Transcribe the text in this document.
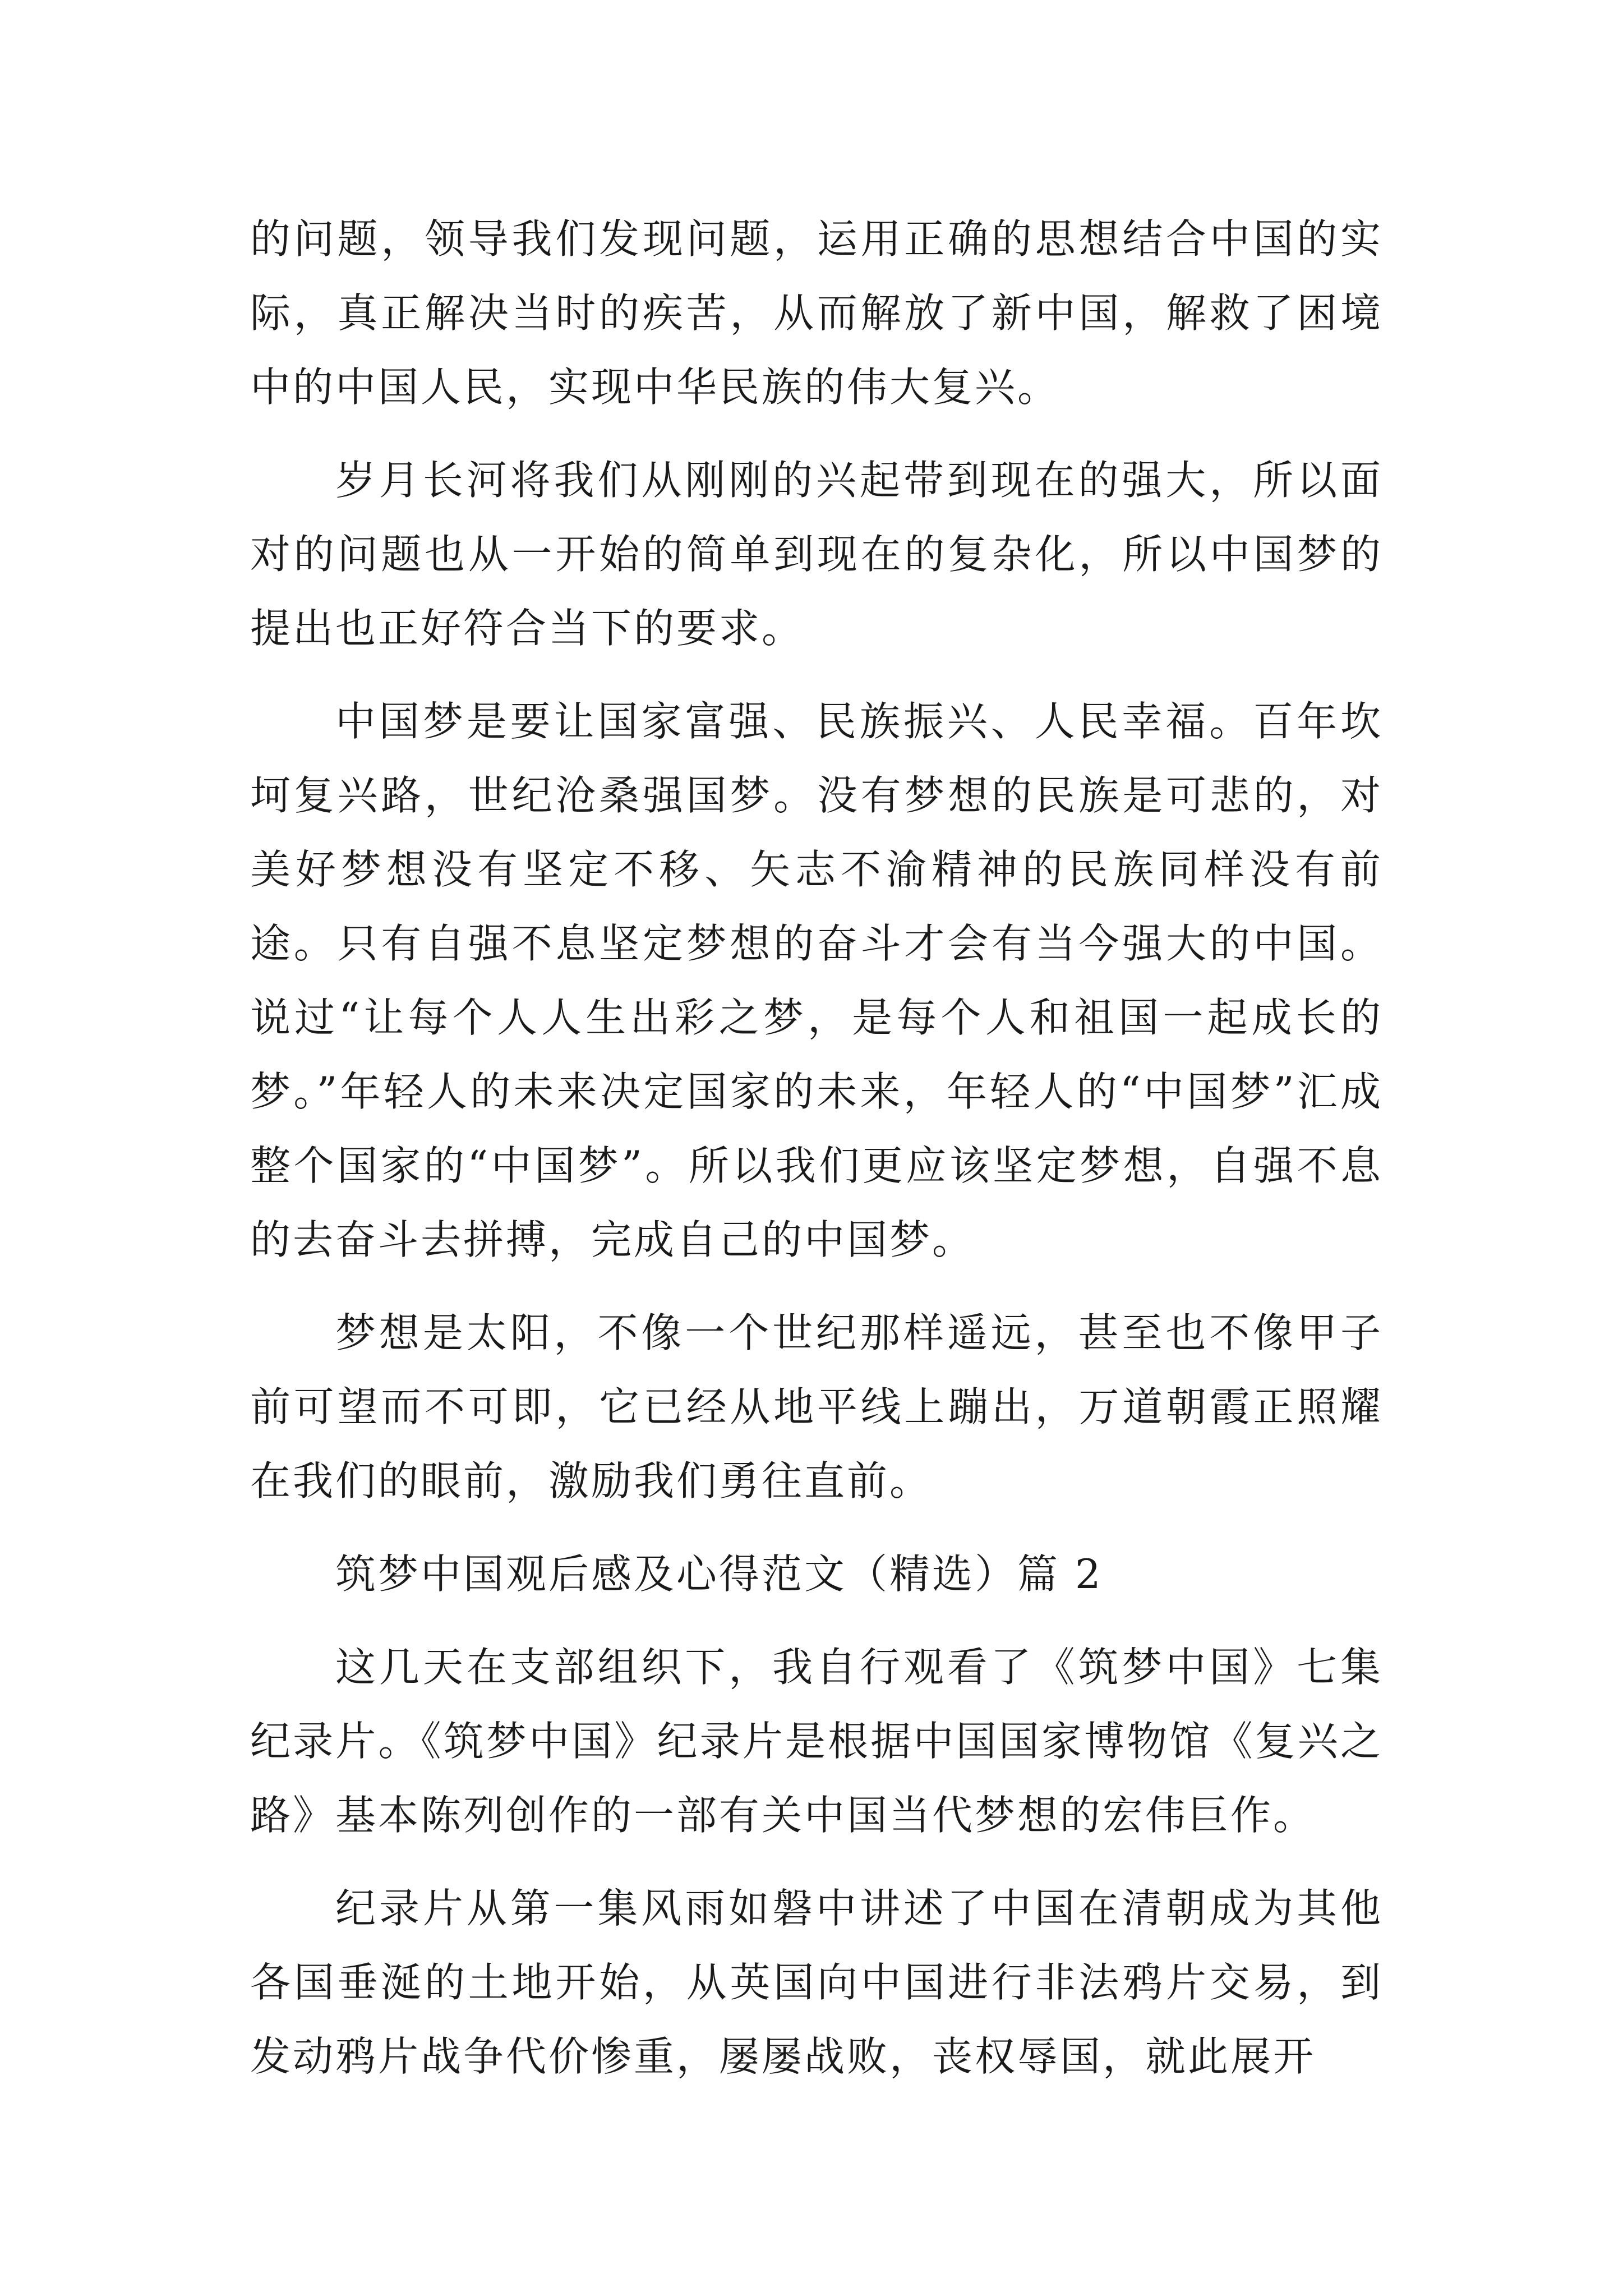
的问题，领导我们发现问题，运用正确的思想结合中国的实际，真正解决当时的疾苦，从而解放了新中国，解救了困境中的中国人民，实现中华民族的伟大复兴。

岁月长河将我们从刚刚的兴起带到现在的强大，所以面对的问题也从一开始的简单到现在的复杂化，所以中国梦的提出也正好符合当下的要求。

中国梦是要让国家富强、民族振兴、人民幸福。百年坎坷复兴路，世纪沧桑强国梦。没有梦想的民族是可悲的，对美好梦想没有坚定不移、矢志不渝精神的民族同样没有前途。只有自强不息坚定梦想的奋斗才会有当今强大的中国。说过“让每个人人生出彩之梦，是每个人和祖国一起成长的梦。”年轻人的未来决定国家的未来，年轻人的“中国梦”汇成整个国家的“中国梦”。所以我们更应该坚定梦想，自强不息的去奋斗去拼搏，完成自己的中国梦。

梦想是太阳，不像一个世纪那样遥远，甚至也不像甲子前可望而不可即，它已经从地平线上蹦出，万道朝霞正照耀在我们的眼前，激励我们勇往直前。

筑梦中国观后感及心得范文（精选）篇 2

这几天在支部组织下，我自行观看了《筑梦中国》七集纪录片。《筑梦中国》纪录片是根据中国国家博物馆《复兴之路》基本陈列创作的一部有关中国当代梦想的宏伟巨作。

纪录片从第一集风雨如磐中讲述了中国在清朝成为其他各国垂涎的土地开始，从英国向中国进行非法鸦片交易，到发动鸦片战争代价惨重，屡屡战败，丧权辱国，就此展开
